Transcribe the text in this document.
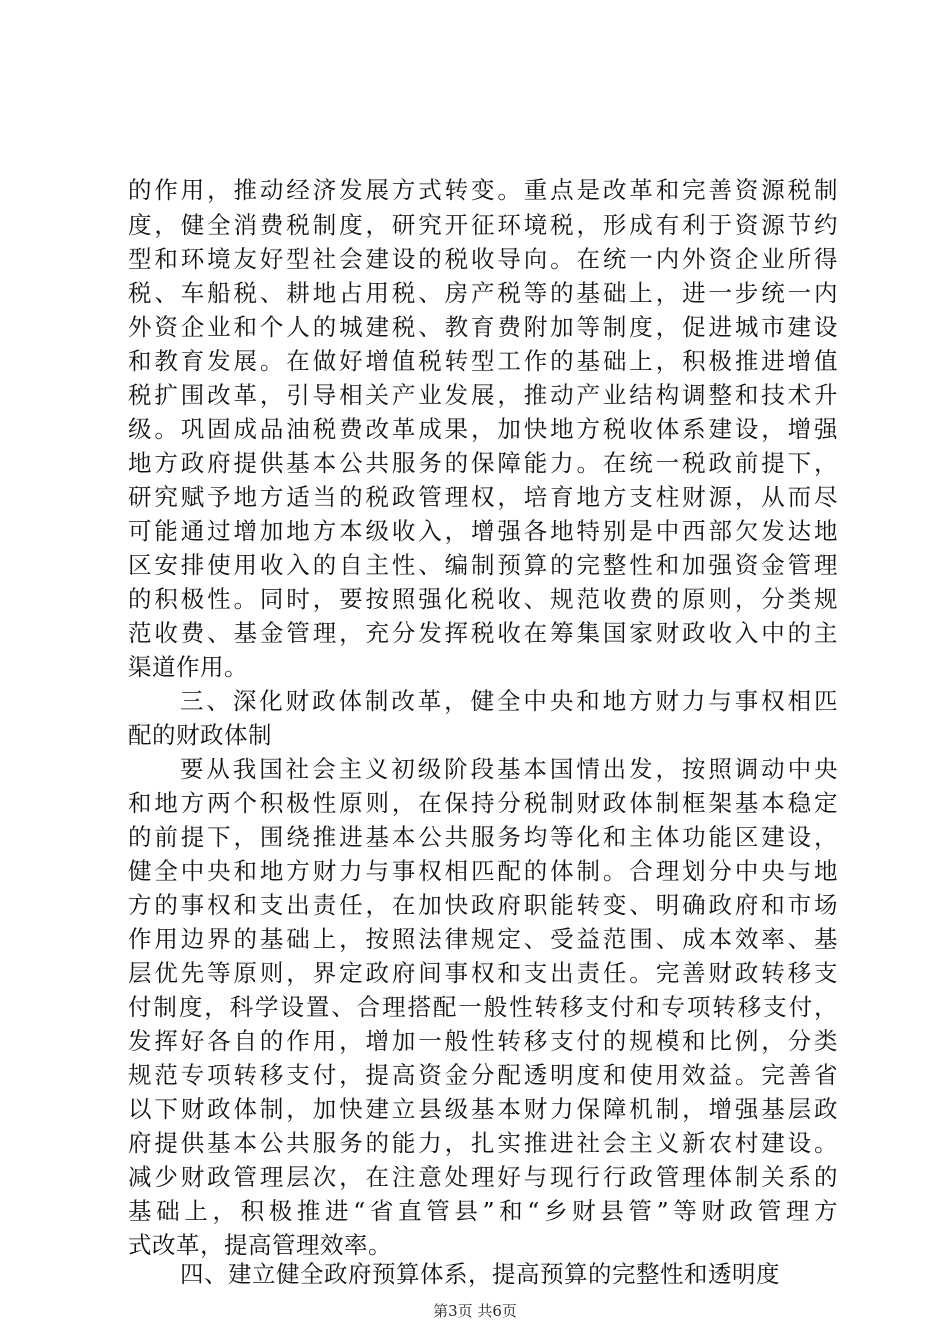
的作用，推动经济发展方式转变。重点是改革和完善资源税制
度，健全消费税制度，研究开征环境税，形成有利于资源节约
型和环境友好型社会建设的税收导向。在统一内外资企业所得
税、车船税、耕地占用税、房产税等的基础上，进一步统一内
外资企业和个人的城建税、教育费附加等制度，促进城市建设
和教育发展。在做好增值税转型工作的基础上，积极推进增值
税扩围改革，引导相关产业发展，推动产业结构调整和技术升
级。巩固成品油税费改革成果，加快地方税收体系建设，增强
地方政府提供基本公共服务的保障能力。在统一税政前提下，
研究赋予地方适当的税政管理权，培育地方支柱财源，从而尽
可能通过增加地方本级收入，增强各地特别是中西部欠发达地
区安排使用收入的自主性、编制预算的完整性和加强资金管理
的积极性。同时，要按照强化税收、规范收费的原则，分类规
范收费、基金管理，充分发挥税收在筹集国家财政收入中的主
渠道作用。
三、深化财政体制改革，健全中央和地方财力与事权相匹
配的财政体制
要从我国社会主义初级阶段基本国情出发，按照调动中央
和地方两个积极性原则，在保持分税制财政体制框架基本稳定
的前提下，围绕推进基本公共服务均等化和主体功能区建设，
健全中央和地方财力与事权相匹配的体制。合理划分中央与地
方的事权和支出责任，在加快政府职能转变、明确政府和市场
作用边界的基础上，按照法律规定、受益范围、成本效率、基
层优先等原则，界定政府间事权和支出责任。完善财政转移支
付制度，科学设置、合理搭配一般性转移支付和专项转移支付，
发挥好各自的作用，增加一般性转移支付的规模和比例，分类
规范专项转移支付，提高资金分配透明度和使用效益。完善省
以下财政体制，加快建立县级基本财力保障机制，增强基层政
府提供基本公共服务的能力，扎实推进社会主义新农村建设。
减少财政管理层次，在注意处理好与现行行政管理体制关系的
基础上，积极推进“省直管县”和“乡财县管”等财政管理方
式改革，提高管理效率。
四、建立健全政府预算体系，提高预算的完整性和透明度
第3页 共6页
